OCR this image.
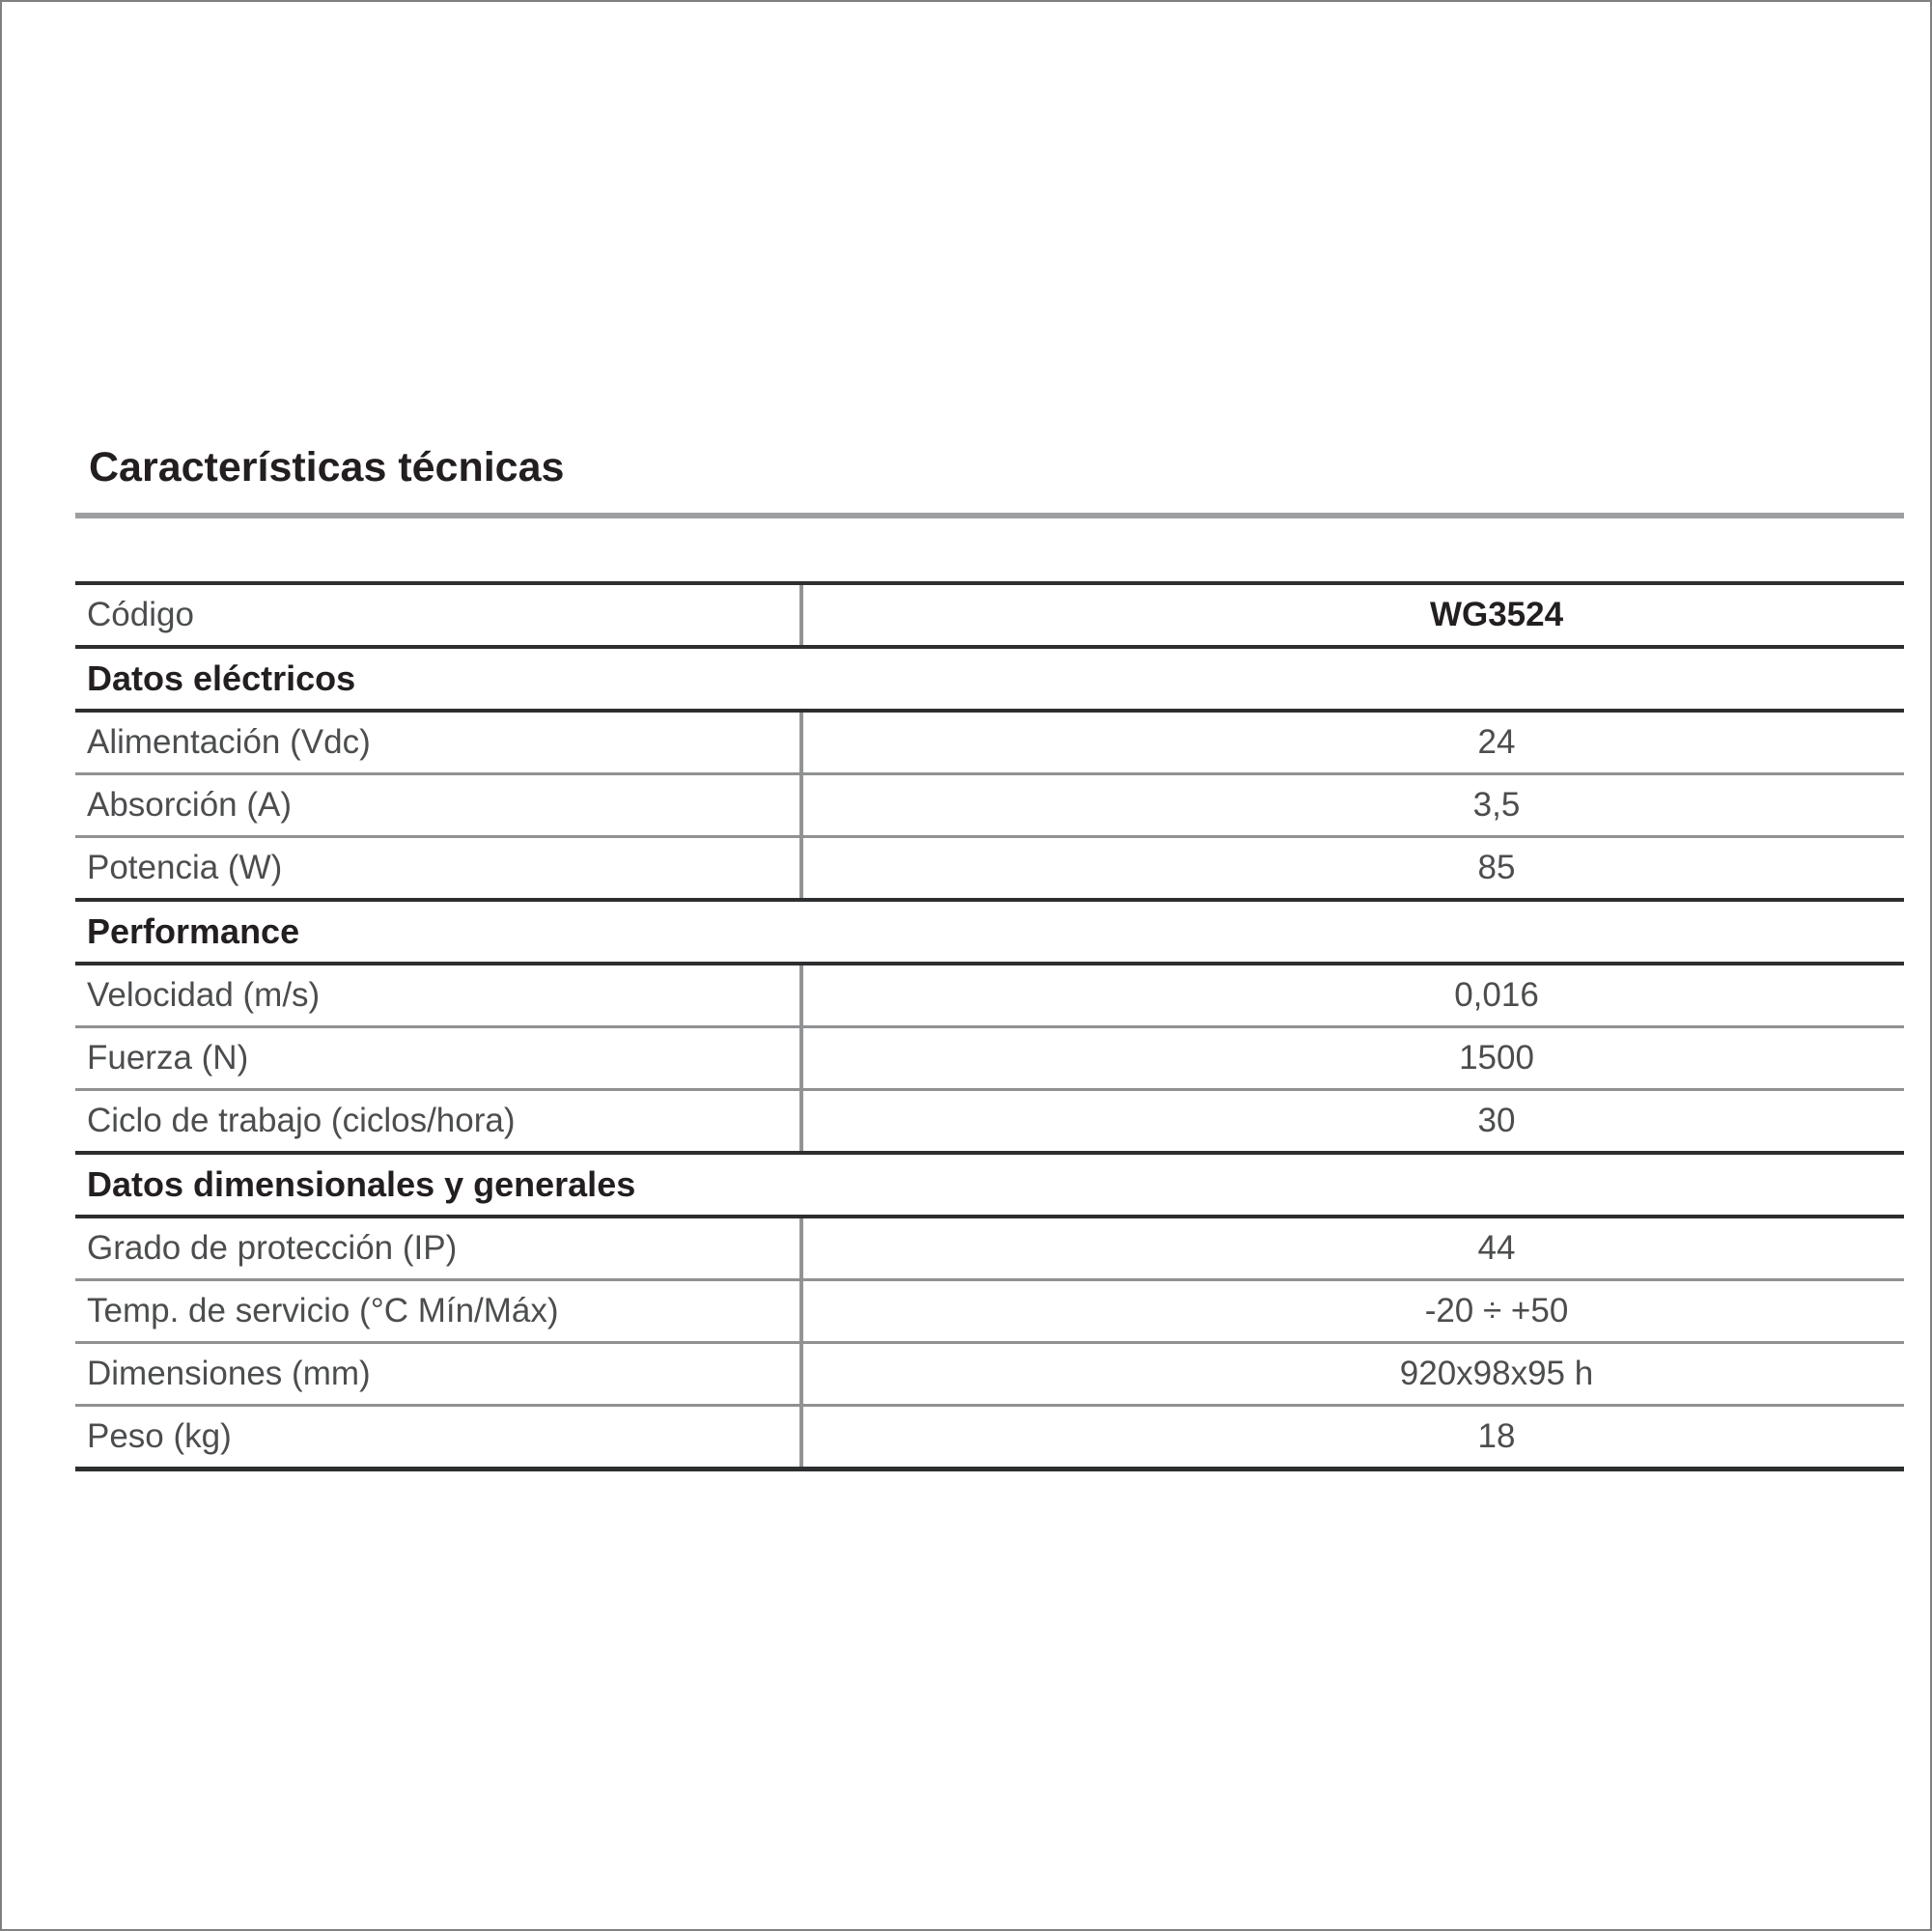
Características técnicas
Código	WG3524
Datos eléctricos
Alimentación (Vdc)	24
Absorción (A)	3,5
Potencia (W)	85
Performance
Velocidad (m/s)	0,016
Fuerza (N)	1500
Ciclo de trabajo (ciclos/hora)	30
Datos dimensionales y generales
Grado de protección (IP)	44
Temp. de servicio (°C Mín/Máx)	-20 ÷ +50
Dimensiones (mm)	920x98x95 h
Peso (kg)	18
